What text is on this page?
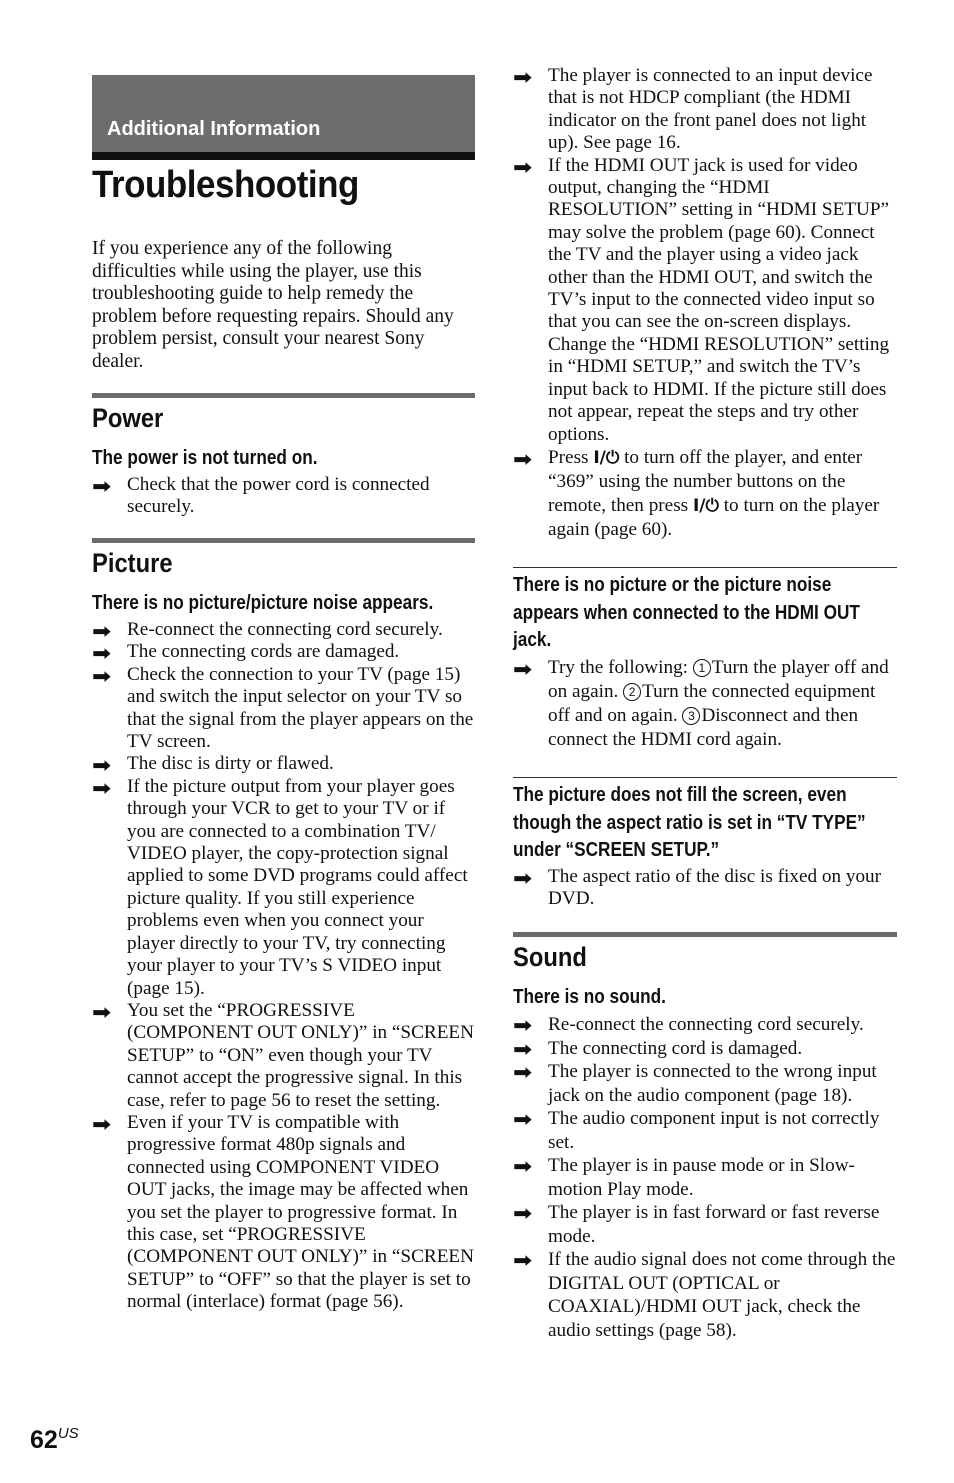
Additional Information
Troubleshooting

If you experience any of the following difficulties while using the player, use this troubleshooting guide to help remedy the problem before requesting repairs. Should any problem persist, consult your nearest Sony dealer.

Power
The power is not turned on.
➡ Check that the power cord is connected securely.
Picture
There is no picture/picture noise appears.
➡ Re-connect the connecting cord securely.
➡ The connecting cords are damaged.
➡ Check the connection to your TV (page 15) and switch the input selector on your TV so that the signal from the player appears on the TV screen.
➡ The disc is dirty or flawed.
➡ If the picture output from your player goes through your VCR to get to your TV or if you are connected to a combination TV/ VIDEO player, the copy-protection signal applied to some DVD programs could affect picture quality. If you still experience problems even when you connect your player directly to your TV, try connecting your player to your TV’s S VIDEO input (page 15).
➡ You set the “PROGRESSIVE (COMPONENT OUT ONLY)” in “SCREEN SETUP” to “ON” even though your TV cannot accept the progressive signal. In this case, refer to page 56 to reset the setting.
➡ Even if your TV is compatible with progressive format 480p signals and connected using COMPONENT VIDEO OUT jacks, the image may be affected when you set the player to progressive format. In this case, set “PROGRESSIVE (COMPONENT OUT ONLY)” in “SCREEN SETUP” to “OFF” so that the player is set to normal (interlace) format (page 56).
➡ The player is connected to an input device that is not HDCP compliant (the HDMI indicator on the front panel does not light up). See page 16.
➡ If the HDMI OUT jack is used for video output, changing the “HDMI RESOLUTION” setting in “HDMI SETUP” may solve the problem (page 60). Connect the TV and the player using a video jack other than the HDMI OUT, and switch the TV’s input to the connected video input so that you can see the on-screen displays. Change the “HDMI RESOLUTION” setting in “HDMI SETUP,” and switch the TV’s input back to HDMI. If the picture still does not appear, repeat the steps and try other options.
➡ Press I/⏻ to turn off the player, and enter “369” using the number buttons on the remote, then press I/⏻ to turn on the player again (page 60).
There is no picture or the picture noise
appears when connected to the HDMI OUT
jack.
➡ Try the following: 1 Turn the player off and on again. 2 Turn the connected equipment off and on again. 3 Disconnect and then connect the HDMI cord again.
The picture does not fill the screen, even
though the aspect ratio is set in “TV TYPE”
under “SCREEN SETUP.”
➡ The aspect ratio of the disc is fixed on your DVD.
Sound
There is no sound.
➡ Re-connect the connecting cord securely.
➡ The connecting cord is damaged.
➡ The player is connected to the wrong input jack on the audio component (page 18).
➡ The audio component input is not correctly set.
➡ The player is in pause mode or in Slow-motion Play mode.
➡ The player is in fast forward or fast reverse mode.
➡ If the audio signal does not come through the DIGITAL OUT (OPTICAL or COAXIAL)/HDMI OUT jack, check the audio settings (page 58).
$62^{US}$
